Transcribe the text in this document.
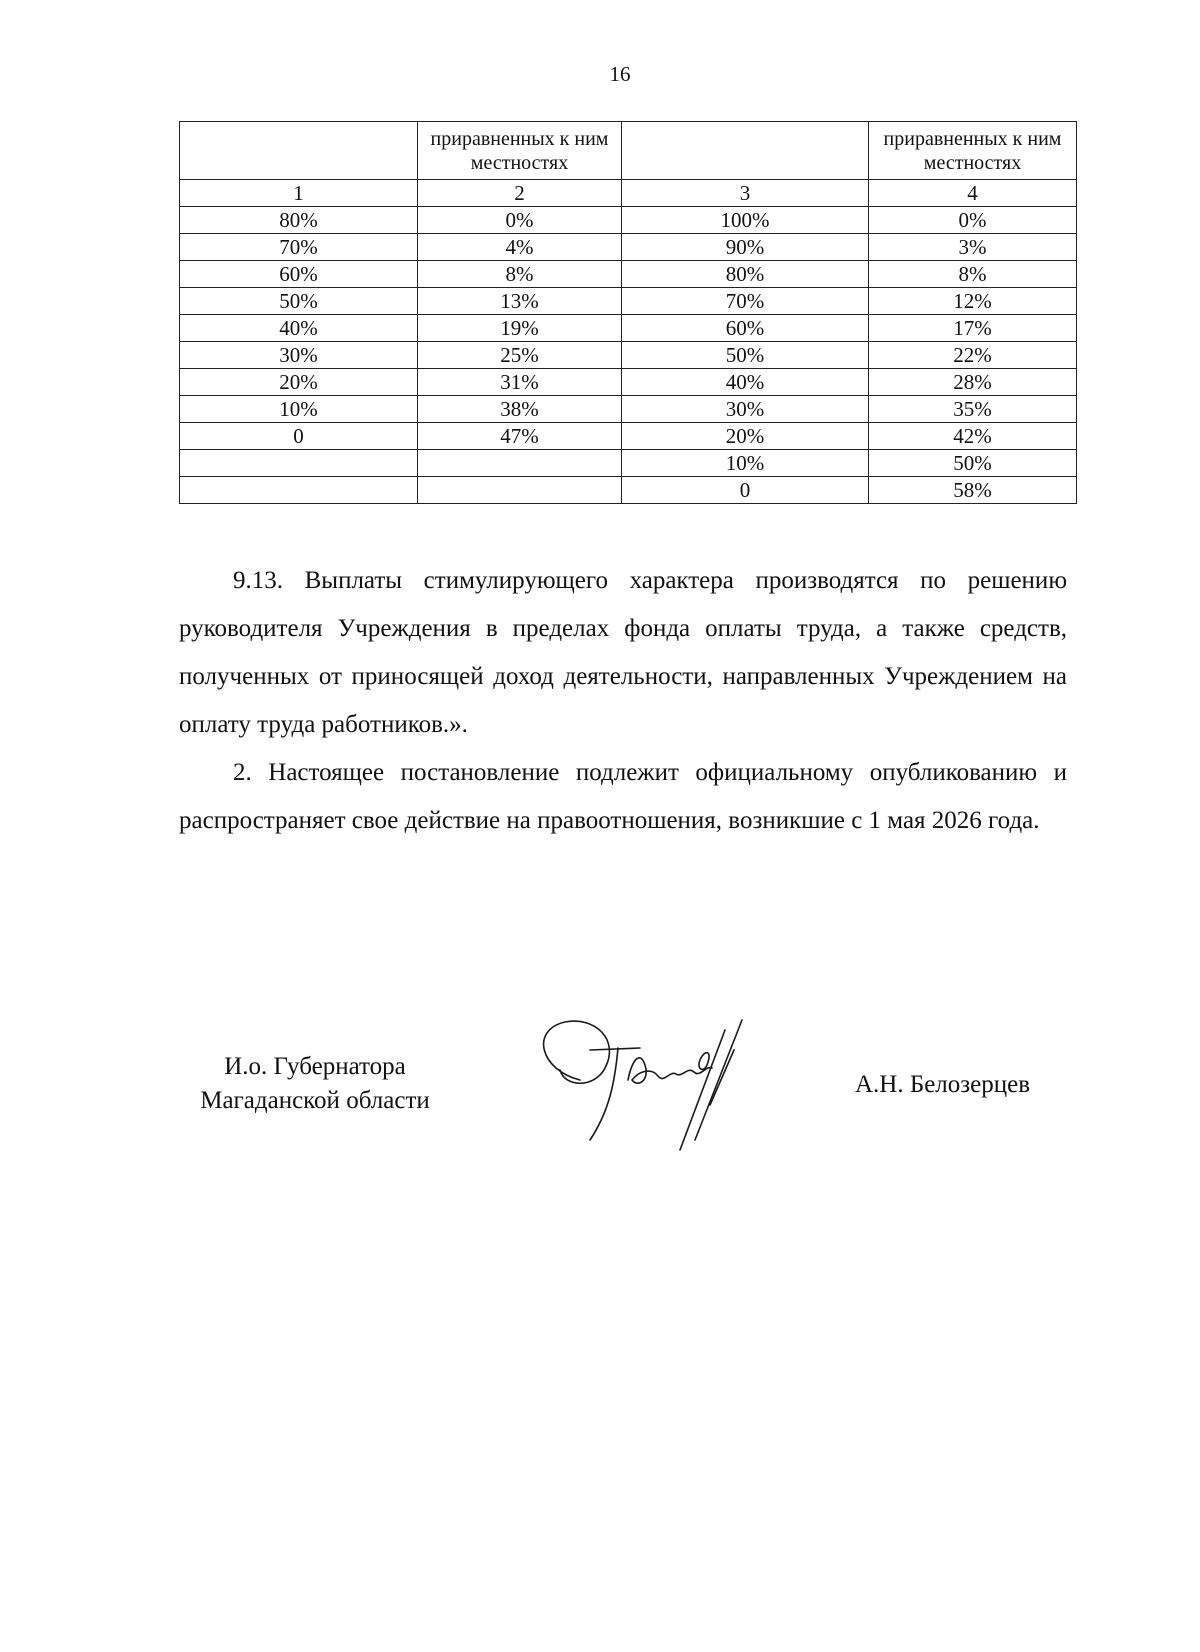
16
	приравненных к ним местностях		приравненных к ним местностях
1	2	3	4
80%	0%	100%	0%
70%	4%	90%	3%
60%	8%	80%	8%
50%	13%	70%	12%
40%	19%	60%	17%
30%	25%	50%	22%
20%	31%	40%	28%
10%	38%	30%	35%
0	47%	20%	42%
		10%	50%
		0	58%
9.13. Выплаты стимулирующего характера производятся по решению руководителя Учреждения в пределах фонда оплаты труда, а также средств, полученных от приносящей доход деятельности, направленных Учреждением на оплату труда работников.».
2. Настоящее постановление подлежит официальному опубликованию и распространяет свое действие на правоотношения, возникшие с 1 мая 2026 года.
И.о. Губернатора
Магаданской области
А.Н. Белозерцев
